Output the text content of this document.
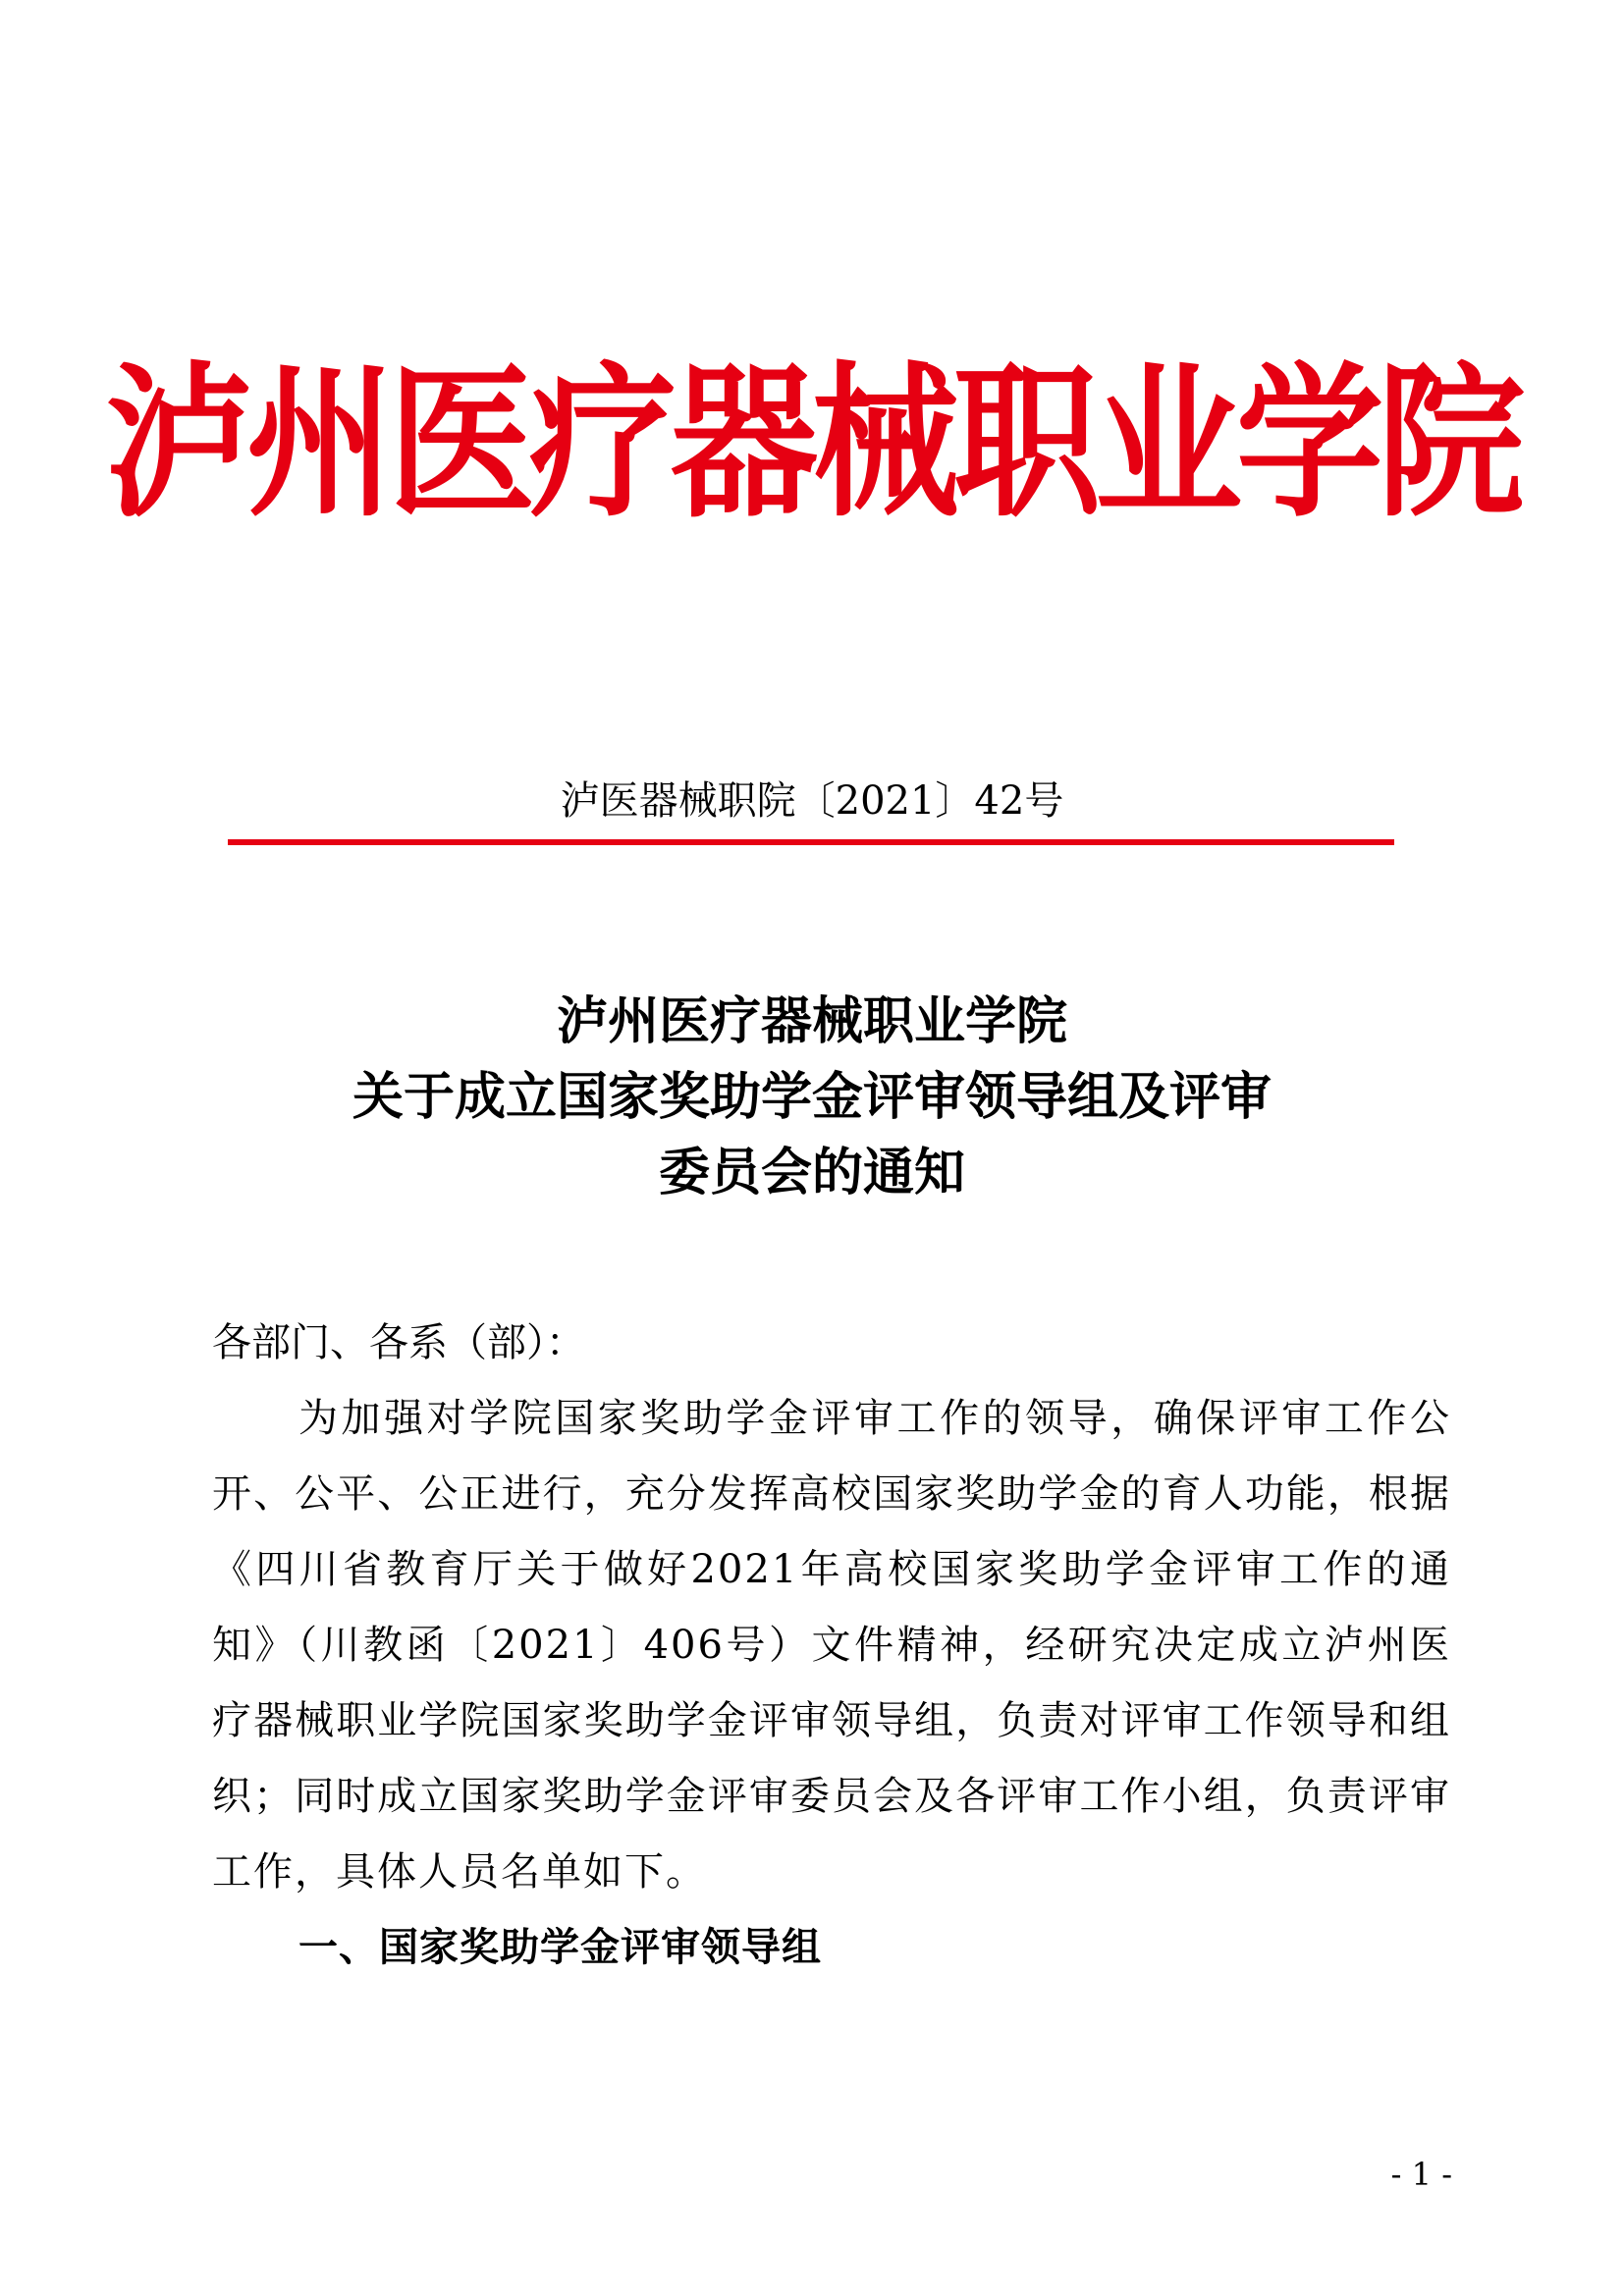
泸州医疗器械职业学院
泸医器械职院〔2021〕42号
泸州医疗器械职业学院
关于成立国家奖助学金评审领导组及评审
委员会的通知

各部门、各系（部）：

为加强对学院国家奖助学金评审工作的领导，确保评审工作公开、公平、公正进行，充分发挥高校国家奖助学金的育人功能，根据《四川省教育厅关于做好2021年高校国家奖助学金评审工作的通知》（川教函〔2021〕406号）文件精神，经研究决定成立泸州医疗器械职业学院国家奖助学金评审领导组，负责对评审工作领导和组织；同时成立国家奖助学金评审委员会及各评审工作小组，负责评审工作，具体人员名单如下。

一、国家奖助学金评审领导组

- 1 -
